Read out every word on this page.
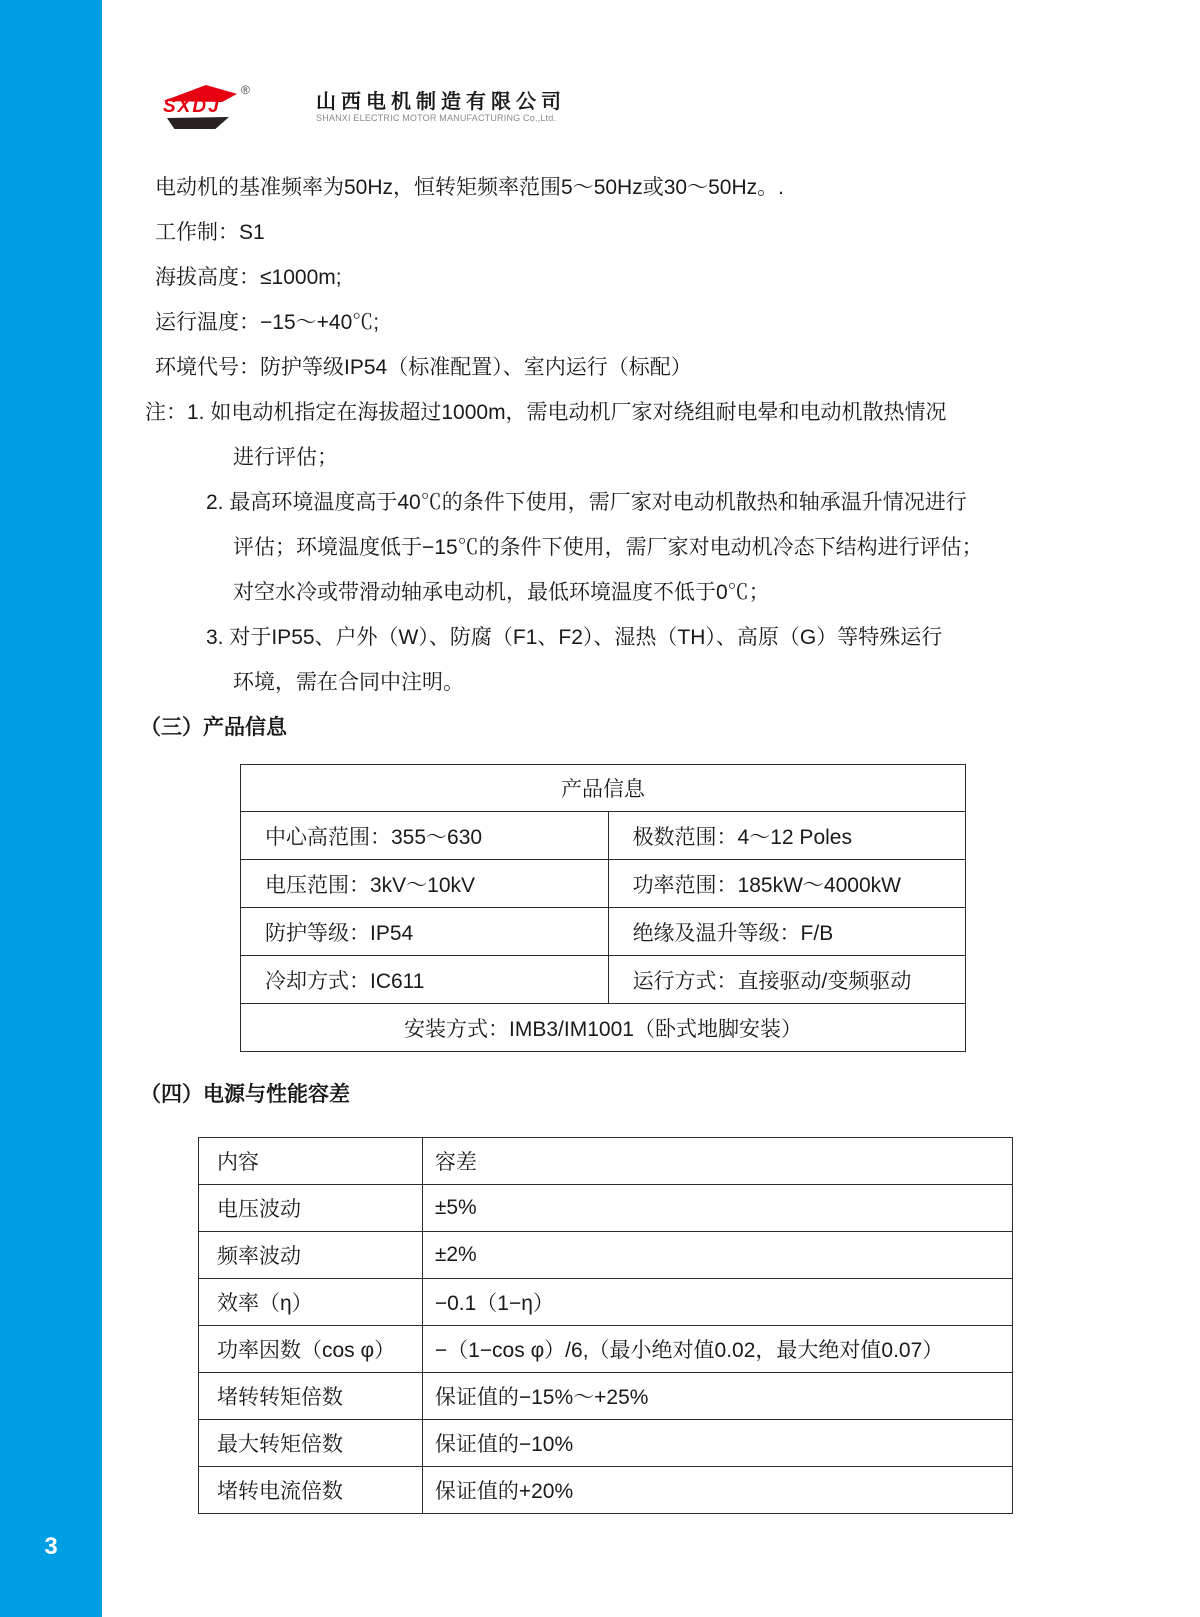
3
SXDJ
®
山西电机制造有限公司
SHANXI ELECTRIC MOTOR MANUFACTURING Co.,Ltd.
电动机的基准频率为50Hz，恒转矩频率范围5～50Hz或30～50Hz。.
工作制：S1
海拔高度：≤1000m;
运行温度：−15～+40℃;
环境代号：防护等级IP54（标准配置）、室内运行（标配）
注：1. 如电动机指定在海拔超过1000m，需电动机厂家对绕组耐电晕和电动机散热情况
进行评估；
2. 最高环境温度高于40℃的条件下使用，需厂家对电动机散热和轴承温升情况进行
评估；环境温度低于−15℃的条件下使用，需厂家对电动机冷态下结构进行评估；
对空水冷或带滑动轴承电动机，最低环境温度不低于0℃；
3. 对于IP55、户外（W）、防腐（F1、F2）、湿热（TH）、高原（G）等特殊运行
环境，需在合同中注明。
（三）产品信息
产品信息	
中心高范围：355～630	极数范围：4～12 Poles
电压范围：3kV～10kV	功率范围：185kW～4000kW
防护等级：IP54	绝缘及温升等级：F/B
冷却方式：IC611	运行方式：直接驱动/变频驱动
安装方式：IMB3/IM1001（卧式地脚安装）	
（四）电源与性能容差
内容	容差
电压波动	±5%
频率波动	±2%
效率（η）	−0.1（1−η）
功率因数（cos φ）	−（1−cos φ）/6,（最小绝对值0.02，最大绝对值0.07）
堵转转矩倍数	保证值的−15%～+25%
最大转矩倍数	保证值的−10%
堵转电流倍数	保证值的+20%
